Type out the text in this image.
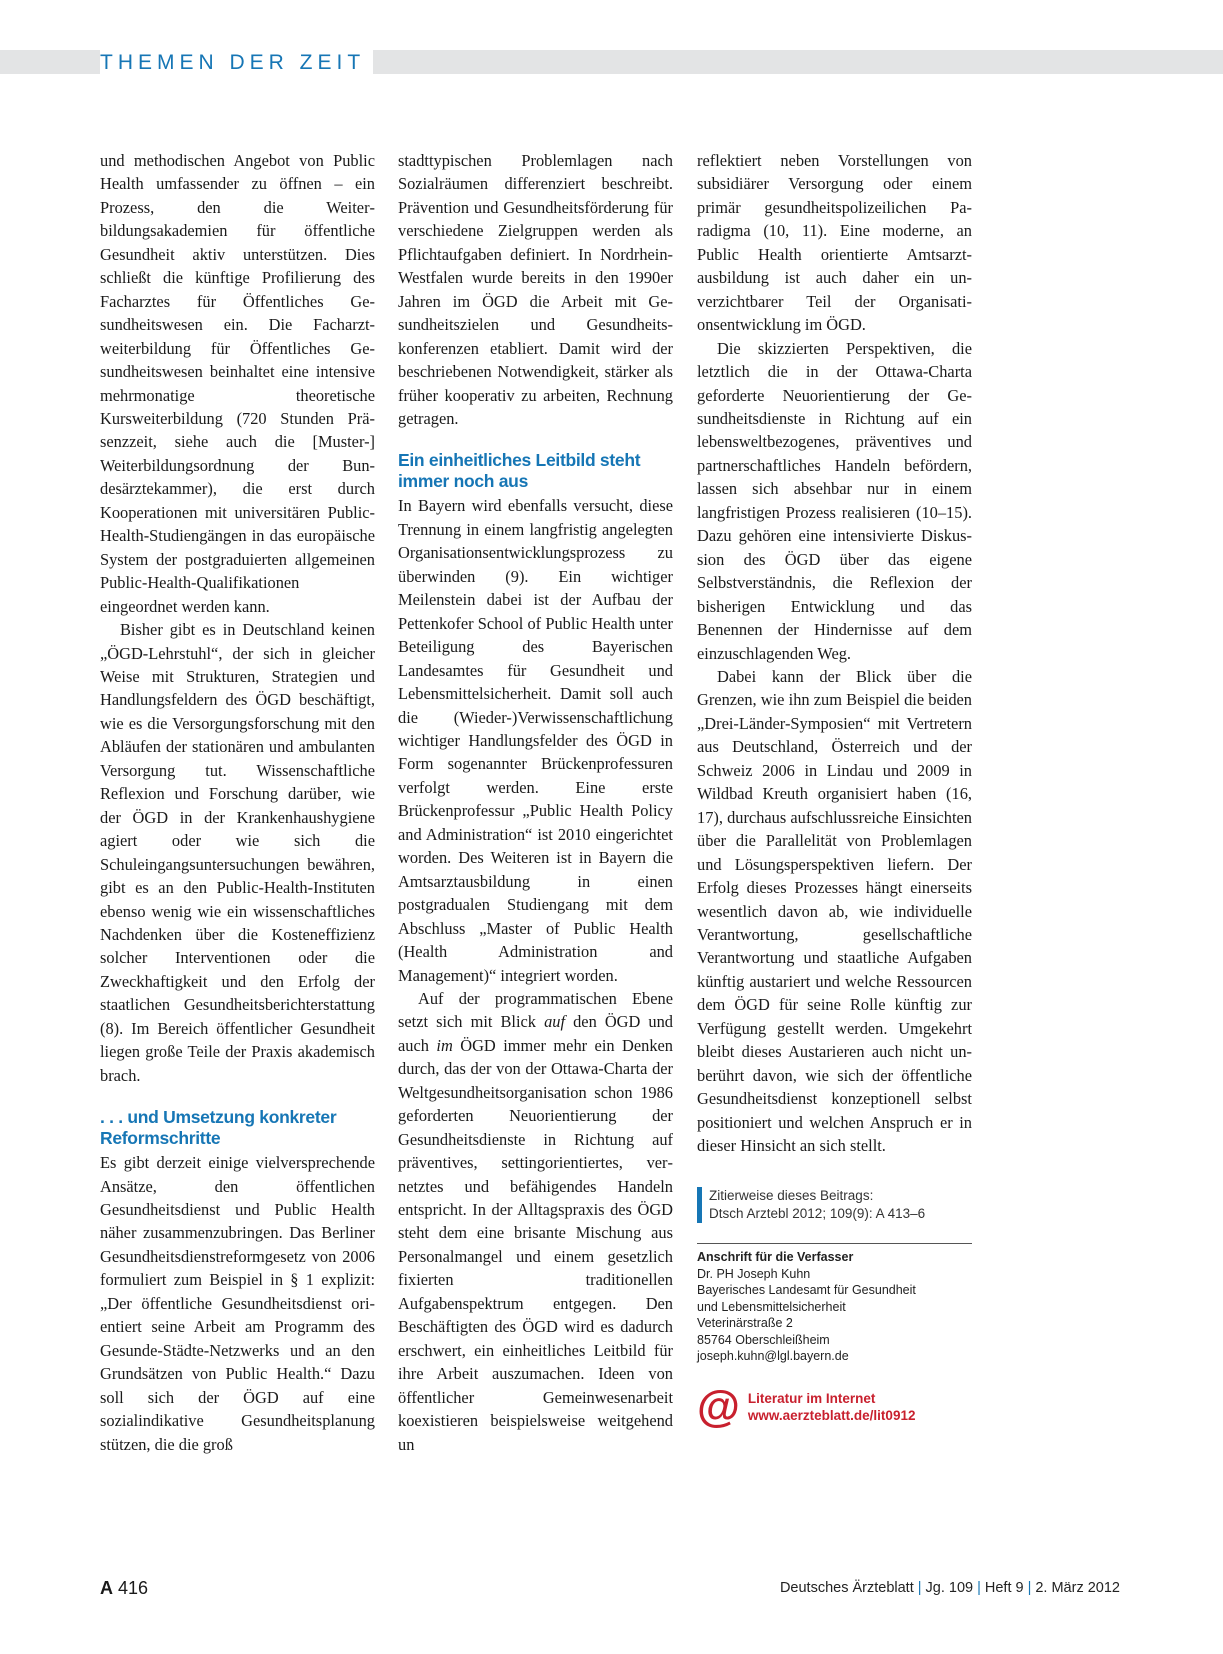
THEMEN DER ZEIT

und methodischen Angebot von Public Health umfassender zu öffnen – ein Prozess, den die Weiterbildungsakademien für öffentliche Gesundheit aktiv unterstützen. Dies schließt die künftige Profilierung des Facharztes für Öffentliches Gesundheitswesen ein. Die Facharztweiterbildung für Öffentliches Gesundheitswesen beinhaltet eine intensive mehrmonatige theoretische Kursweiterbildung (720 Stunden Präsenzzeit, siehe auch die [Muster-] Weiterbildungsordnung der Bundesärztekammer), die erst durch Kooperationen mit universitären Public-Health-Studiengängen in das europäische System der postgraduierten allgemeinen Public-Health-Qualifikationen eingeordnet werden kann.

Bisher gibt es in Deutschland keinen „ÖGD-Lehrstuhl“, der sich in gleicher Weise mit Strukturen, Strategien und Handlungsfeldern des ÖGD beschäftigt, wie es die Versorgungsforschung mit den Abläufen der stationären und ambulanten Versorgung tut. Wissenschaftliche Reflexion und Forschung darüber, wie der ÖGD in der Krankenhaushygiene agiert oder wie sich die Schuleingangsuntersuchungen bewähren, gibt es an den Public-Health-Instituten ebenso wenig wie ein wissenschaftliches Nachdenken über die Kosteneffizienz solcher Interventionen oder die Zweckhaftigkeit und den Erfolg der staatlichen Gesundheitsberichterstattung (8). Im Bereich öffentlicher Gesundheit liegen große Teile der Praxis akademisch brach.

. . . und Umsetzung konkreter Reformschritte

Es gibt derzeit einige vielversprechende Ansätze, den öffentlichen Gesundheitsdienst und Public Health näher zusammenzubringen. Das Berliner Gesundheitsdienstreformgesetz von 2006 formuliert zum Beispiel in § 1 explizit: „Der öffentliche Gesundheitsdienst orientiert seine Arbeit am Programm des Gesunde-Städte-Netzwerks und an den Grundsätzen von Public Health.“ Dazu soll sich der ÖGD auf eine sozialindikative Gesundheitsplanung stützen, die die groß

stadttypischen Problemlagen nach Sozialräumen differenziert beschreibt. Prävention und Gesundheitsförderung für verschiedene Zielgruppen werden als Pflichtaufgaben definiert. In Nordrhein-Westfalen wurde bereits in den 1990er Jahren im ÖGD die Arbeit mit Gesundheitszielen und Gesundheitskonferenzen etabliert. Damit wird der beschriebenen Notwendigkeit, stärker als früher kooperativ zu arbeiten, Rechnung getragen.

Ein einheitliches Leitbild steht immer noch aus

In Bayern wird ebenfalls versucht, diese Trennung in einem langfristig angelegten Organisationsentwicklungsprozess zu überwinden (9). Ein wichtiger Meilenstein dabei ist der Aufbau der Pettenkofer School of Public Health unter Beteiligung des Bayerischen Landesamtes für Gesundheit und Lebensmittelsicherheit. Damit soll auch die (Wieder-)Verwissenschaftlichung wichtiger Handlungsfelder des ÖGD in Form sogenannter Brückenprofessuren verfolgt werden. Eine erste Brückenprofessur „Public Health Policy and Administration“ ist 2010 eingerichtet worden. Des Weiteren ist in Bayern die Amtsarztausbildung in einen postgradualen Studiengang mit dem Abschluss „Master of Public Health (Health Administration and Management)“ integriert worden.

Auf der programmatischen Ebene setzt sich mit Blick auf den ÖGD und auch im ÖGD immer mehr ein Denken durch, das der von der Ottawa-Charta der Weltgesundheitsorganisation schon 1986 geforderten Neuorientierung der Gesundheitsdienste in Richtung auf präventives, settingorientiertes, vernetztes und befähigendes Handeln entspricht. In der Alltagspraxis des ÖGD steht dem eine brisante Mischung aus Personalmangel und einem gesetzlich fixierten traditionellen Aufgabenspektrum entgegen. Den Beschäftigten des ÖGD wird es dadurch erschwert, ein einheitliches Leitbild für ihre Arbeit auszumachen. Ideen von öffentlicher Gemeinwesenarbeit koexistieren beispielsweise weitgehend un

reflektiert neben Vorstellungen von subsidiärer Versorgung oder einem primär gesundheitspolizeilichen Paradigma (10, 11). Eine moderne, an Public Health orientierte Amtsarztausbildung ist auch daher ein unverzichtbarer Teil der Organisationsentwicklung im ÖGD.

Die skizzierten Perspektiven, die letztlich die in der Ottawa-Charta geforderte Neuorientierung der Gesundheitsdienste in Richtung auf ein lebensweltbezogenes, präventives und partnerschaftliches Handeln befördern, lassen sich absehbar nur in einem langfristigen Prozess realisieren (10–15). Dazu gehören eine intensivierte Diskussion des ÖGD über das eigene Selbstverständnis, die Reflexion der bisherigen Entwicklung und das Benennen der Hindernisse auf dem einzuschlagenden Weg.

Dabei kann der Blick über die Grenzen, wie ihn zum Beispiel die beiden „Drei-Länder-Symposien“ mit Vertretern aus Deutschland, Österreich und der Schweiz 2006 in Lindau und 2009 in Wildbad Kreuth organisiert haben (16, 17), durchaus aufschlussreiche Einsichten über die Parallelität von Problemlagen und Lösungsperspektiven liefern. Der Erfolg dieses Prozesses hängt einerseits wesentlich davon ab, wie individuelle Verantwortung, gesellschaftliche Verantwortung und staatliche Aufgaben künftig austariert und welche Ressourcen dem ÖGD für seine Rolle künftig zur Verfügung gestellt werden. Umgekehrt bleibt dieses Austarieren auch nicht unberührt davon, wie sich der öffentliche Gesundheitsdienst konzeptionell selbst positioniert und welchen Anspruch er in dieser Hinsicht an sich stellt.

Zitierweise dieses Beitrags:
Dtsch Arztebl 2012; 109(9): A 413–6
Anschrift für die Verfasser
Dr. PH Joseph Kuhn
Bayerisches Landesamt für Gesundheit
und Lebensmittelsicherheit
Veterinärstraße 2
85764 Oberschleißheim
joseph.kuhn@lgl.bayern.de
@ Literatur im Internet
www.aerzteblatt.de/lit0912
A 416	Deutsches Ärzteblatt | Jg. 109 | Heft 9 | 2. März 2012
